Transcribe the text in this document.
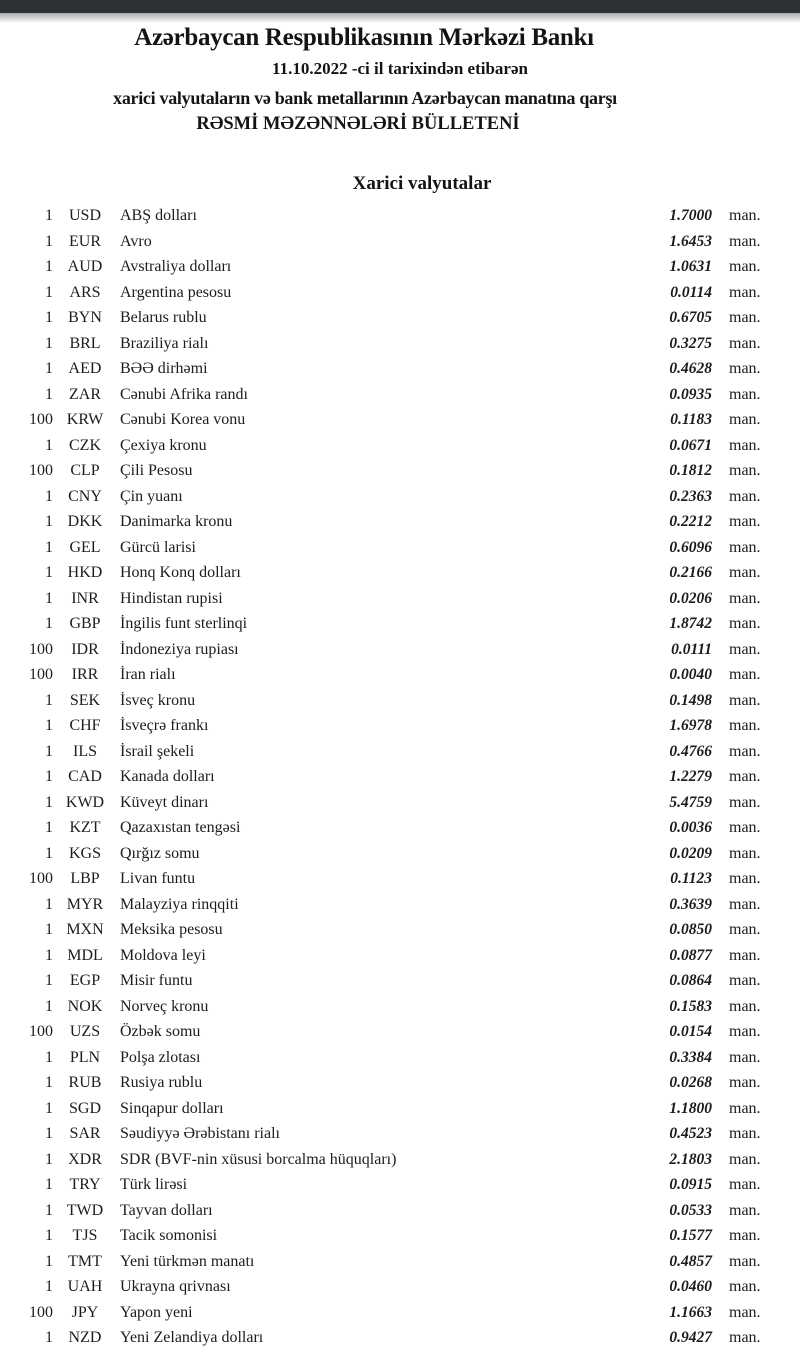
Azərbaycan Respublikasının Mərkəzi Bankı
11.10.2022 -ci il tarixindən etibarən
xarici valyutaların və bank metallarının Azərbaycan manatına qarşı
RƏSMİ MƏZƏNNƏLƏRİ BÜLLETENİ
Xarici valyutalar
1 USD	ABŞ dolları	1.7000	man.
1	EUR	Avro	1.6453	man.
1 AUD	Avstraliya dolları	1.0631	man.
1	ARS	Argentina pesosu	0.0114	man.
1 BYN	Belarus rublu	0.6705	man.
1	BRL	Braziliya rialı	0.3275	man.
1 AED	BƏƏ dirhəmi	0.4628	man.
1	ZAR	Cənubi Afrika randı	0.0935	man.
100 KRW	Cənubi Korea vonu	0.1183	man.
1	CZK	Çexiya kronu	0.0671	man.
100	CLP	Çili Pesosu	0.1812	man.
1 CNY	Çin yuanı	0.2363	man.
1 DKK	Danimarka kronu	0.2212	man.
1	GEL	Gürcü larisi	0.6096	man.
1 HKD	Honq Konq dolları	0.2166	man.
1	INR	Hindistan rupisi	0.0206	man.
1	GBP	İngilis funt sterlinqi	1.8742	man.
100	IDR	İndoneziya rupiası	0.0111	man.
100	IRR	İran rialı	0.0040	man.
1	SEK	İsveç kronu	0.1498	man.
1	CHF	İsveçrə frankı	1.6978	man.
1	ILS	İsrail şekeli	0.4766	man.
1 CAD	Kanada dolları	1.2279	man.
1 KWD Küveyt dinarı	5.4759	man.
1	KZT	Qazaxıstan tengəsi	0.0036	man.
1 KGS	Qırğız somu	0.0209	man.
100	LBP	Livan funtu	0.1123	man.
1 MYR	Malayziya rinqqiti	0.3639	man.
1 MXN	Meksika pesosu	0.0850	man.
1 MDL	Moldova leyi	0.0877	man.
1	EGP	Misir funtu	0.0864	man.
1 NOK	Norveç kronu	0.1583	man.
100	UZS	Özbək somu	0.0154	man.
1	PLN	Polşa zlotası	0.3384	man.
1 RUB	Rusiya rublu	0.0268	man.
1 SGD	Sinqapur dolları	1.1800	man.
1	SAR	Səudiyyə Ərəbistanı rialı	0.4523	man.
1 XDR	SDR (BVF-nin xüsusi borcalma hüquqları)	2.1803	man.
1	TRY	Türk lirəsi	0.0915	man.
1 TWD	Tayvan dolları	0.0533	man.
1	TJS	Tacik somonisi	0.1577	man.
1 TMT	Yeni türkmən manatı	0.4857	man.
1 UAH	Ukrayna qrivnası	0.0460	man.
100	JPY	Yapon yeni	1.1663	man.
1 NZD	Yeni Zelandiya dolları	0.9427	man.
